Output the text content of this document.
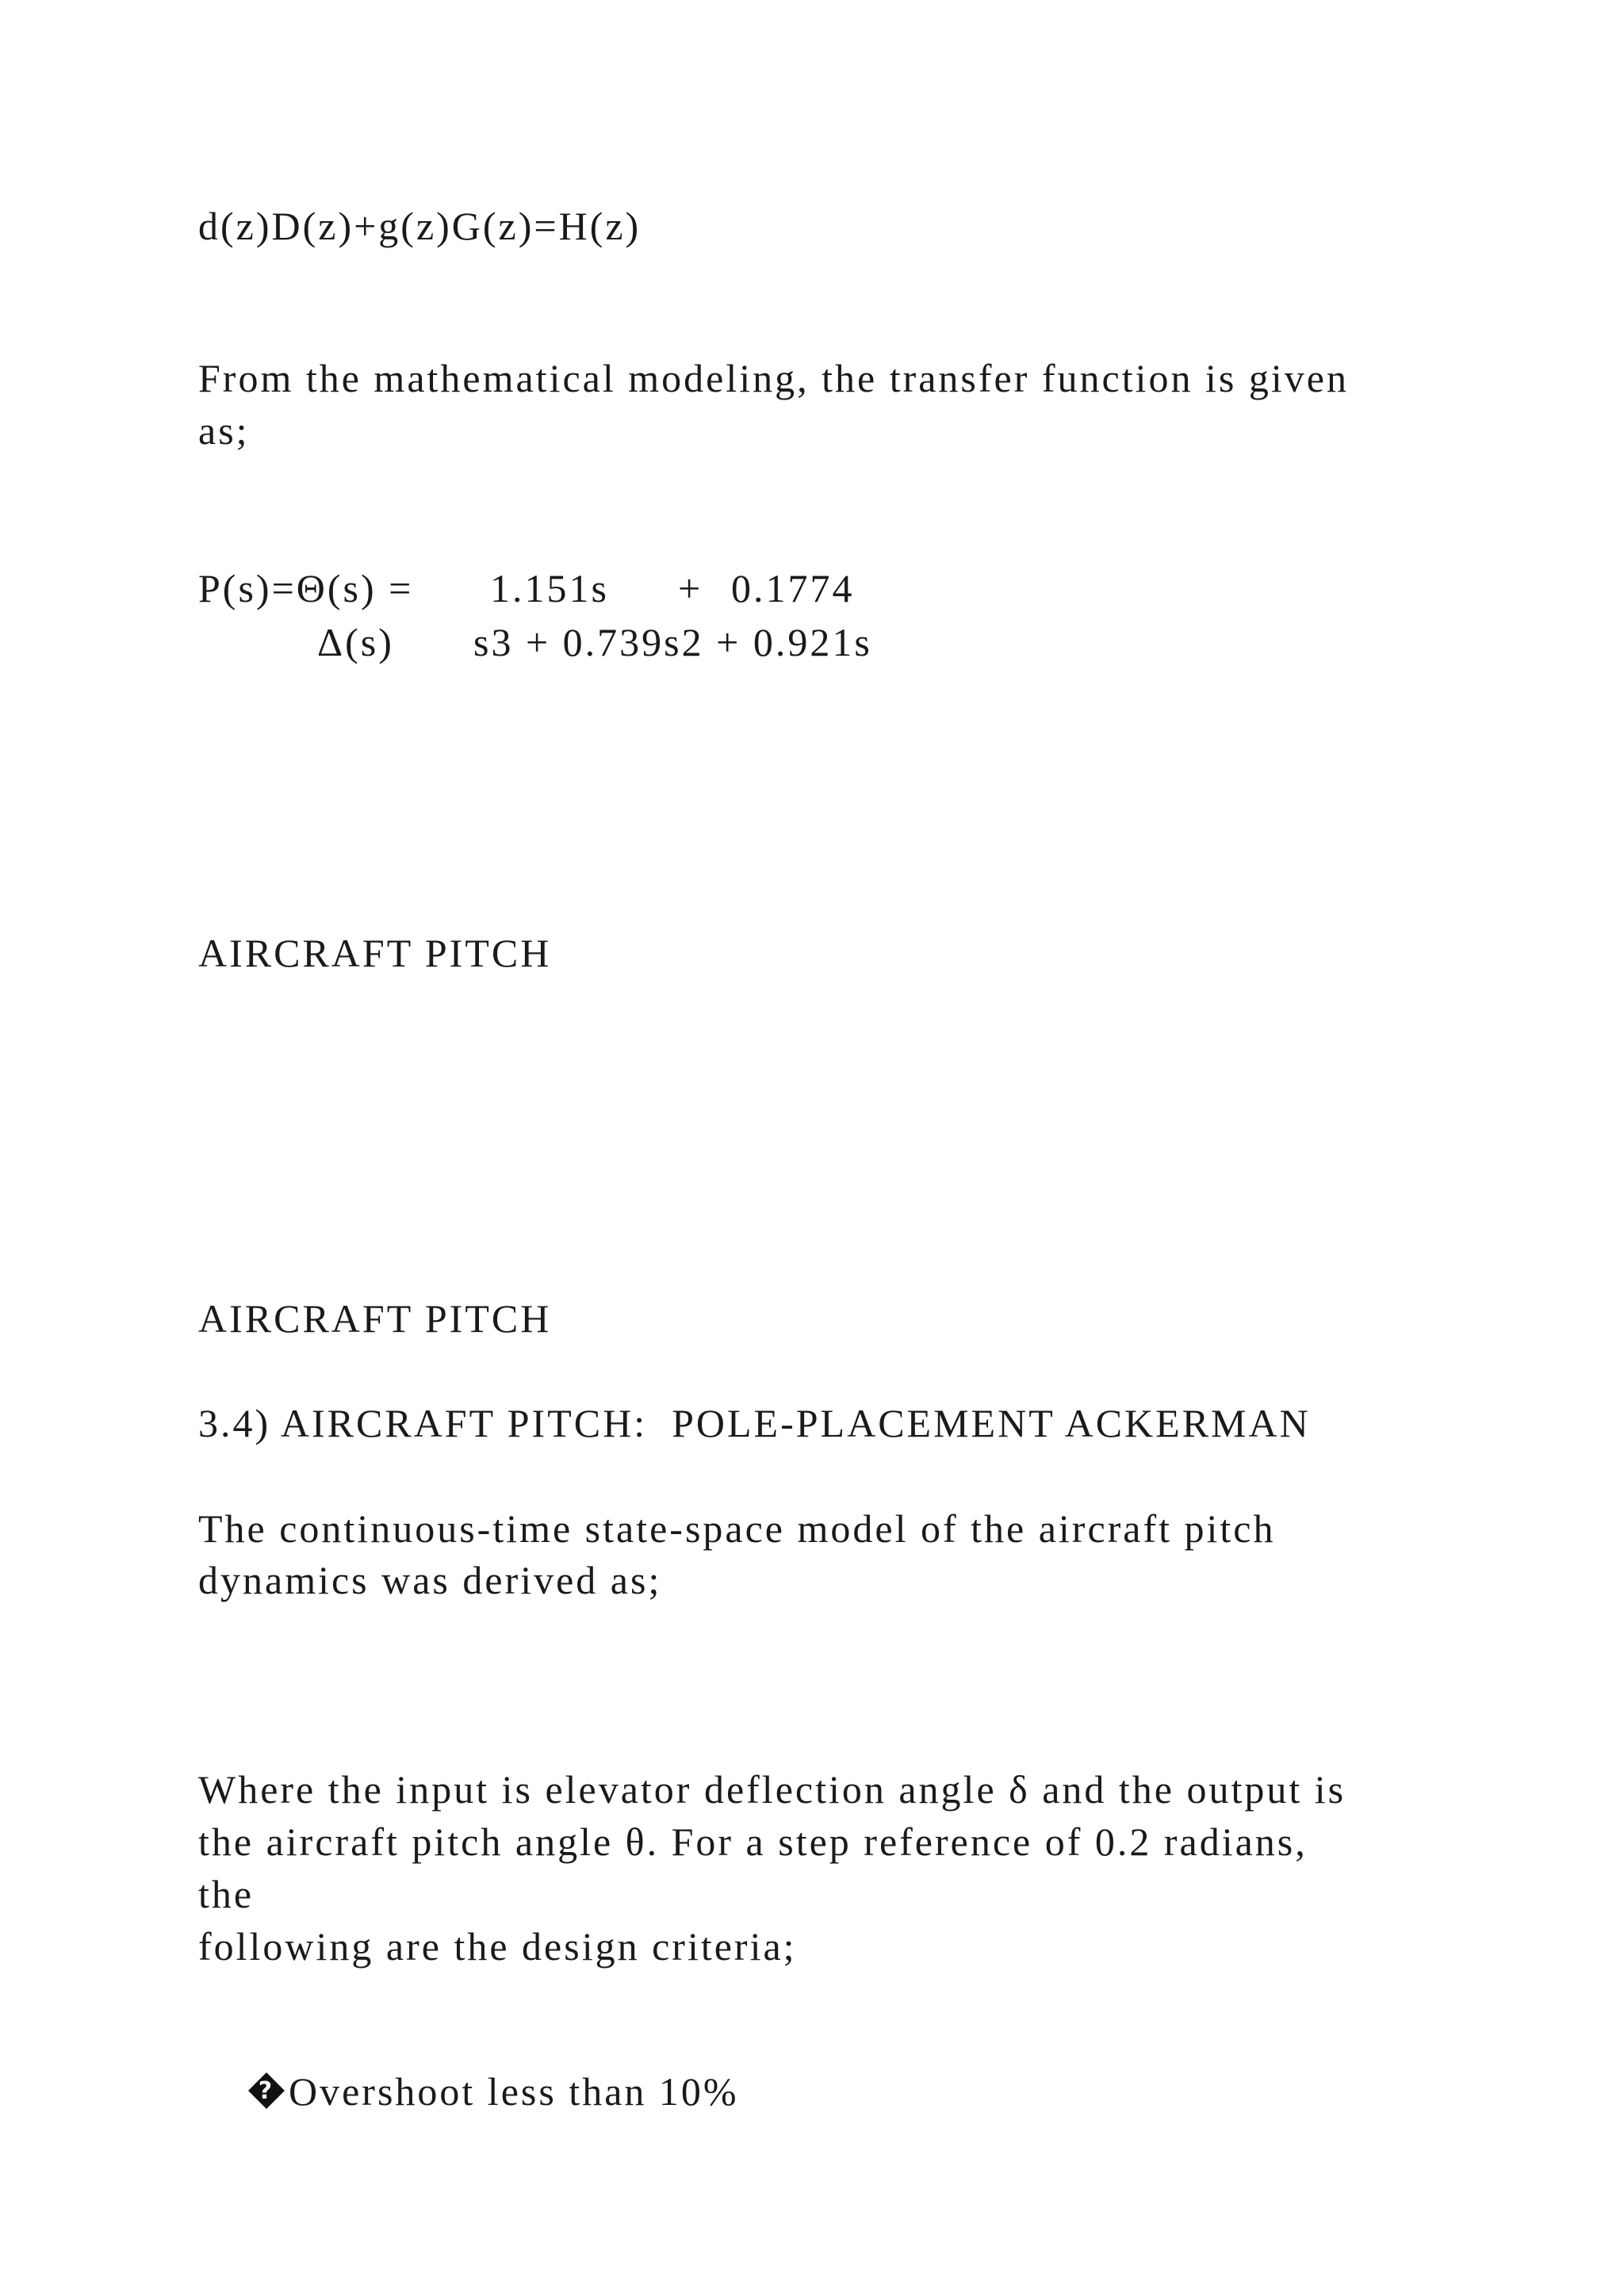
d(z)D(z)+g(z)G(z)=H(z)
From the mathematical modeling, the transfer function is given
as;
P(s)=Θ(s) =
Δ(s)
1.151s + 0.1774
s3 + 0.739s2 + 0.921s
AIRCRAFT PITCH
AIRCRAFT PITCH
3.4) AIRCRAFT PITCH:  POLE-PLACEMENT ACKERMAN
The continuous-time state-space model of the aircraft pitch
dynamics was derived as;
Where the input is elevator deflection angle δ and the output is
the aircraft pitch angle θ. For a step reference of 0.2 radians,
the
following are the design criteria;

? Overshoot less than 10%
